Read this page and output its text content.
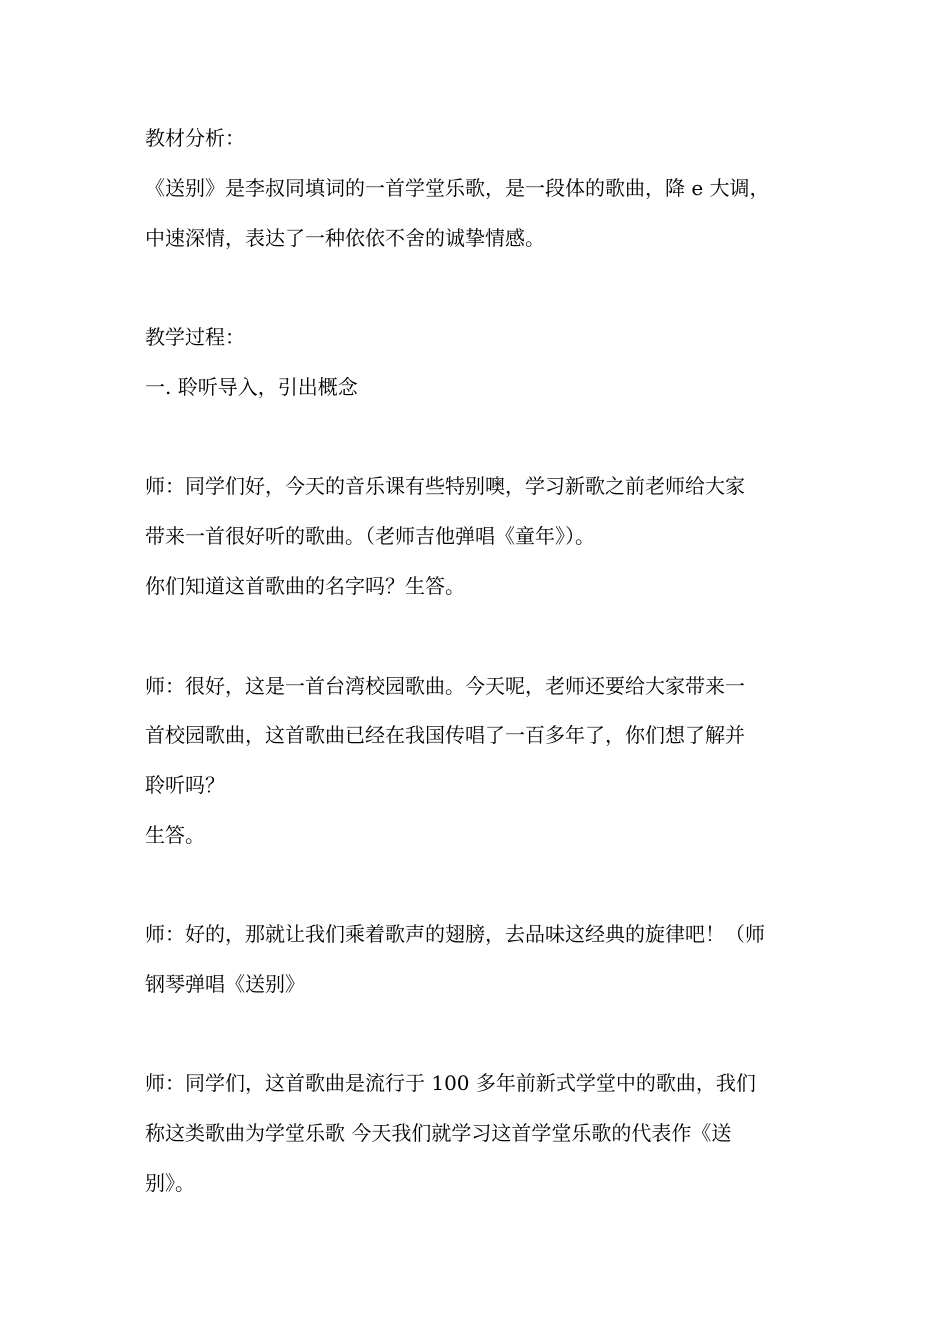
教材分析：
《送别》是李叔同填词的一首学堂乐歌，是一段体的歌曲，降 e 大调，
中速深情，表达了一种依依不舍的诚挚情感。
教学过程：
一. 聆听导入，引出概念
师：同学们好，今天的音乐课有些特别噢，学习新歌之前老师给大家
带来一首很好听的歌曲。（老师吉他弹唱《童年》）。
你们知道这首歌曲的名字吗？生答。
师：很好，这是一首台湾校园歌曲。今天呢，老师还要给大家带来一
首校园歌曲，这首歌曲已经在我国传唱了一百多年了，你们想了解并
聆听吗？
生答。
师：好的，那就让我们乘着歌声的翅膀，去品味这经典的旋律吧！（师
钢琴弹唱《送别》
师：同学们，这首歌曲是流行于 100 多年前新式学堂中的歌曲，我们
称这类歌曲为学堂乐歌 今天我们就学习这首学堂乐歌的代表作《送
别》。
